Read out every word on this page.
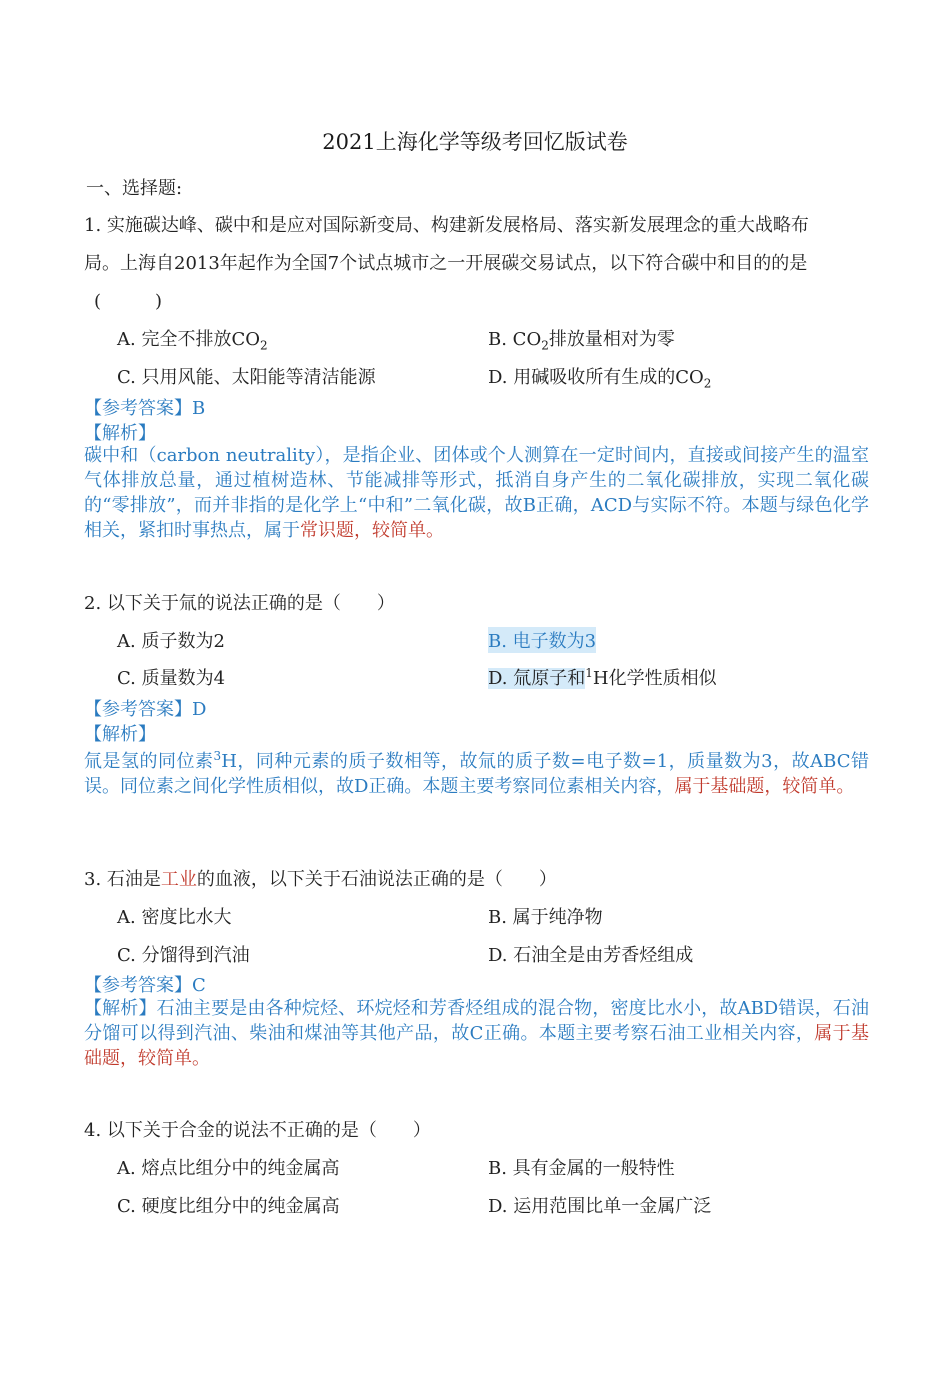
2021上海化学等级考回忆版试卷
一、选择题:
1. 实施碳达峰、碳中和是应对国际新变局、构建新发展格局、落实新发展理念的重大战略布
局。上海自2013年起作为全国7个试点城市之一开展碳交易试点，以下符合碳中和目的的是
(　　　)
A. 完全不排放$CO_2$	B. $CO_2$排放量相对为零
C. 只用风能、太阳能等清洁能源	D. 用碱吸收所有生成的$CO_2$
【参考答案】B
【解析】
碳中和（carbon neutrality），是指企业、团体或个人测算在一定时间内，直接或间接产生的温室气体排放总量，通过植树造林、节能减排等形式，抵消自身产生的二氧化碳排放，实现二氧化碳的“零排放”，而并非指的是化学上“中和”二氧化碳，故B正确，ACD与实际不符。本题与绿色化学相关，紧扣时事热点，属于常识题，较简单。
2. 以下关于氚的说法正确的是（　　）
A. 质子数为2	B. 电子数为3
C. 质量数为4	D. 氚原子和$^1$H化学性质相似
【参考答案】D
【解析】
氚是氢的同位素$^3$H，同种元素的质子数相等，故氚的质子数=电子数=1，质量数为3，故ABC错误。同位素之间化学性质相似，故D正确。本题主要考察同位素相关内容，属于基础题，较简单。
3. 石油是工业的血液，以下关于石油说法正确的是（　　）
A. 密度比水大	B. 属于纯净物
C. 分馏得到汽油	D. 石油全是由芳香烃组成
【参考答案】C
【解析】石油主要是由各种烷烃、环烷烃和芳香烃组成的混合物，密度比水小，故ABD错误，石油分馏可以得到汽油、柴油和煤油等其他产品，故C正确。本题主要考察石油工业相关内容，属于基础题，较简单。
4. 以下关于合金的说法不正确的是（　　）
A. 熔点比组分中的纯金属高	B. 具有金属的一般特性
C. 硬度比组分中的纯金属高	D. 运用范围比单一金属广泛
